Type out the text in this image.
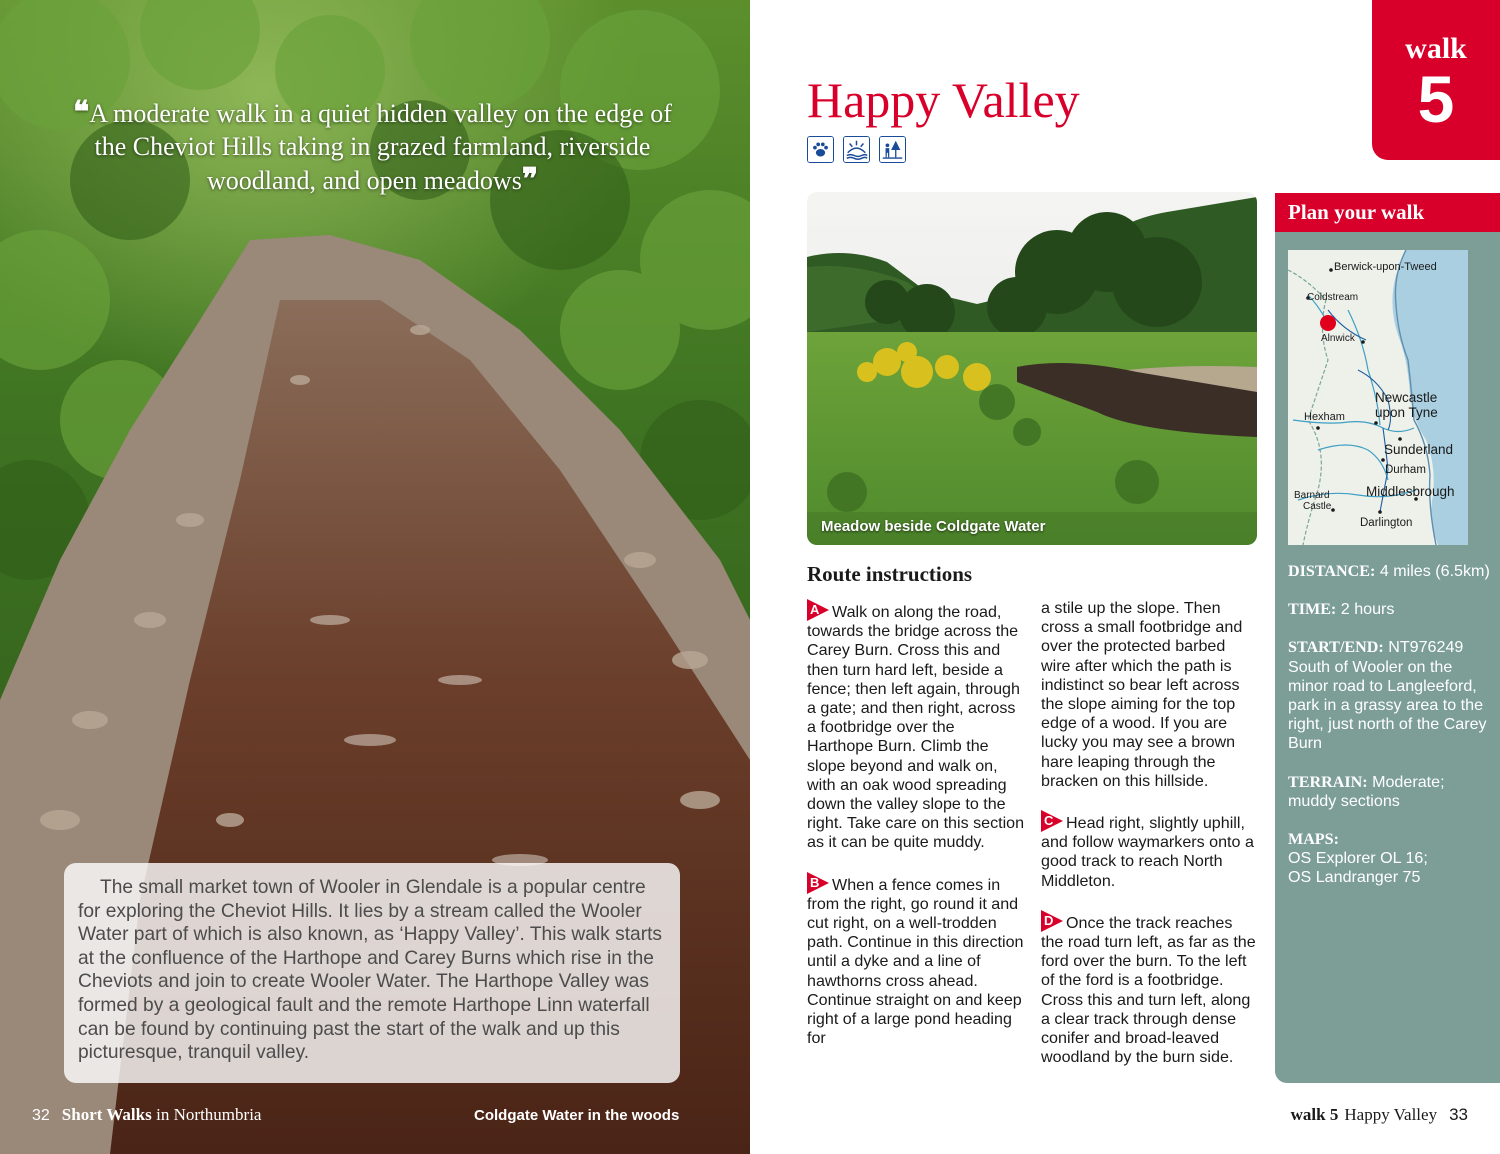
❝A moderate walk in a quiet hidden valley on the edge of the Cheviot Hills taking in grazed farmland, riverside woodland, and open meadows❞

The small market town of Wooler in Glendale is a popular centre for exploring the Cheviot Hills. It lies by a stream called the Wooler Water part of which is also known, as ‘Happy Valley’. This walk starts at the confluence of the Harthope and Carey Burns which rise in the Cheviots and join to create Wooler Water. The Harthope Valley was formed by a geological fault and the remote Harthope Linn waterfall can be found by continuing past the start of the walk and up this picturesque, tranquil valley.

32 Short Walks in Northumbria	Coldgate Water in the woods
walk
5
Happy Valley
Meadow beside Coldgate Water
Route instructions

A Walk on along the road, towards the bridge across the Carey Burn. Cross this and then turn hard left, beside a fence; then left again, through a gate; and then right, across a footbridge over the Harthope Burn. Climb the slope beyond and walk on, with an oak wood spreading down the valley slope to the right. Take care on this section as it can be quite muddy.

B When a fence comes in from the right, go round it and cut right, on a well-trodden path. Continue in this direction until a dyke and a line of hawthorns cross ahead. Continue straight on and keep right of a large pond heading for

a stile up the slope. Then cross a small footbridge and over the protected barbed wire after which the path is indistinct so bear left across the slope aiming for the top edge of a wood. If you are lucky you may see a brown hare leaping through the bracken on this hillside.

C Head right, slightly uphill, and follow waymarkers onto a good track to reach North Middleton.

D Once the track reaches the road turn left, as far as the ford over the burn. To the left of the ford is a footbridge. Cross this and turn left, along a clear track through dense conifer and broad-leaved woodland by the burn side.

Plan your walk
Berwick-upon-Tweed
Coldstream
Alnwick
Newcastle
upon Tyne
Hexham
Sunderland
Durham
Barnard
Castle
Middlesbrough
Darlington

DISTANCE: 4 miles (6.5km)

TIME: 2 hours

START/END: NT976249 South of Wooler on the minor road to Langleeford, park in a grassy area to the right, just north of the Carey Burn

TERRAIN: Moderate; muddy sections

MAPS:
OS Explorer OL 16;
OS Landranger 75

walk 5 Happy Valley 33
